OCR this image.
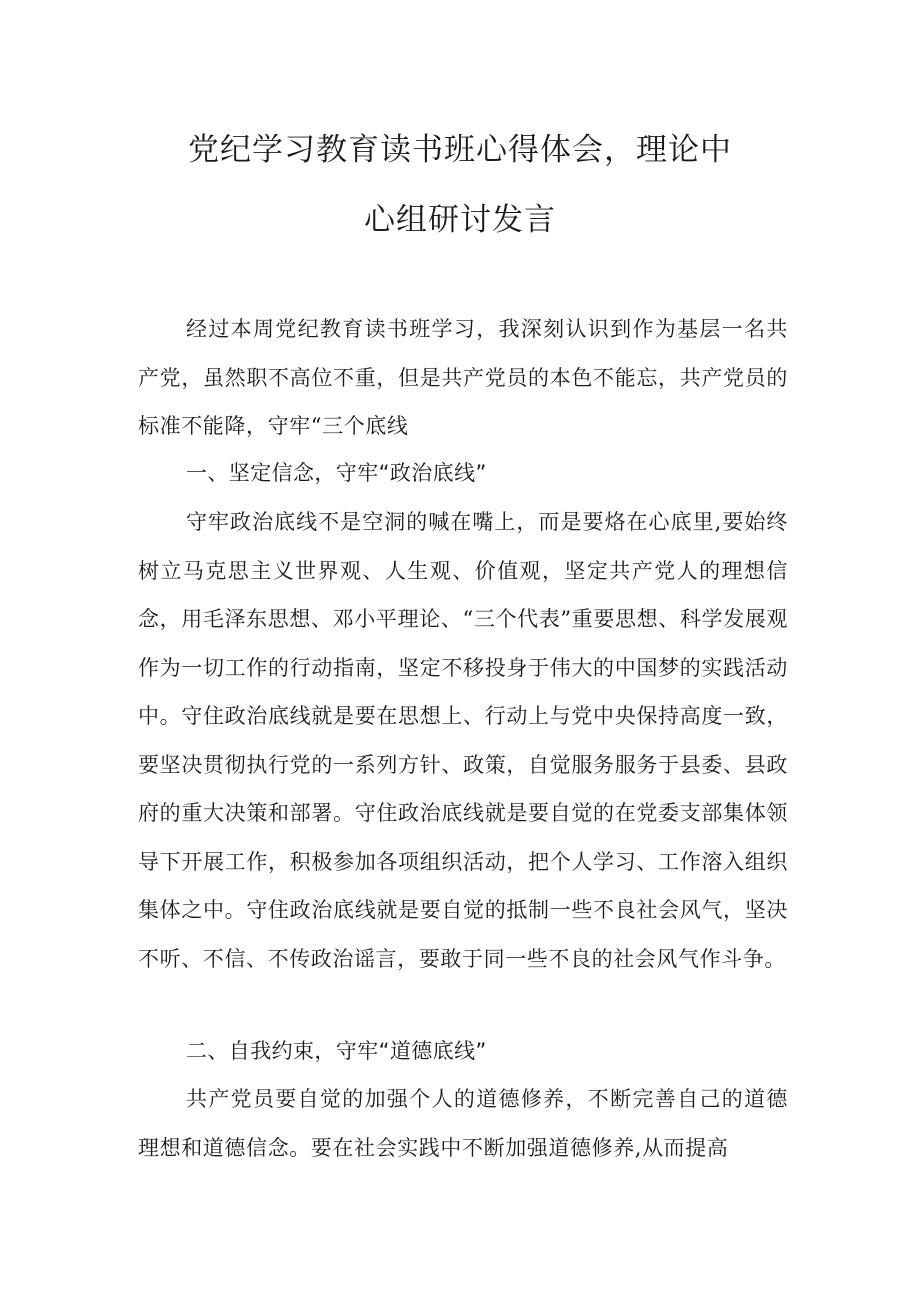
党纪学习教育读书班心得体会，理论中
心组研讨发言

经过本周党纪教育读书班学习，我深刻认识到作为基层一名共产党，虽然职不高位不重，但是共产党员的本色不能忘，共产党员的标准不能降，守牢“三个底线

一、坚定信念，守牢“政治底线”

守牢政治底线不是空洞的喊在嘴上，而是要烙在心底里,要始终树立马克思主义世界观、人生观、价值观，坚定共产党人的理想信念，用毛泽东思想、邓小平理论、“三个代表”重要思想、科学发展观作为一切工作的行动指南，坚定不移投身于伟大的中国梦的实践活动中。守住政治底线就是要在思想上、行动上与党中央保持高度一致，要坚决贯彻执行党的一系列方针、政策，自觉服务服务于县委、县政府的重大决策和部署。守住政治底线就是要自觉的在党委支部集体领导下开展工作，积极参加各项组织活动，把个人学习、工作溶入组织集体之中。守住政治底线就是要自觉的抵制一些不良社会风气，坚决不听、不信、不传政治谣言，要敢于同一些不良的社会风气作斗争。

二、自我约束，守牢“道德底线”

共产党员要自觉的加强个人的道德修养，不断完善自己的道德理想和道德信念。要在社会实践中不断加强道德修养,从而提高
